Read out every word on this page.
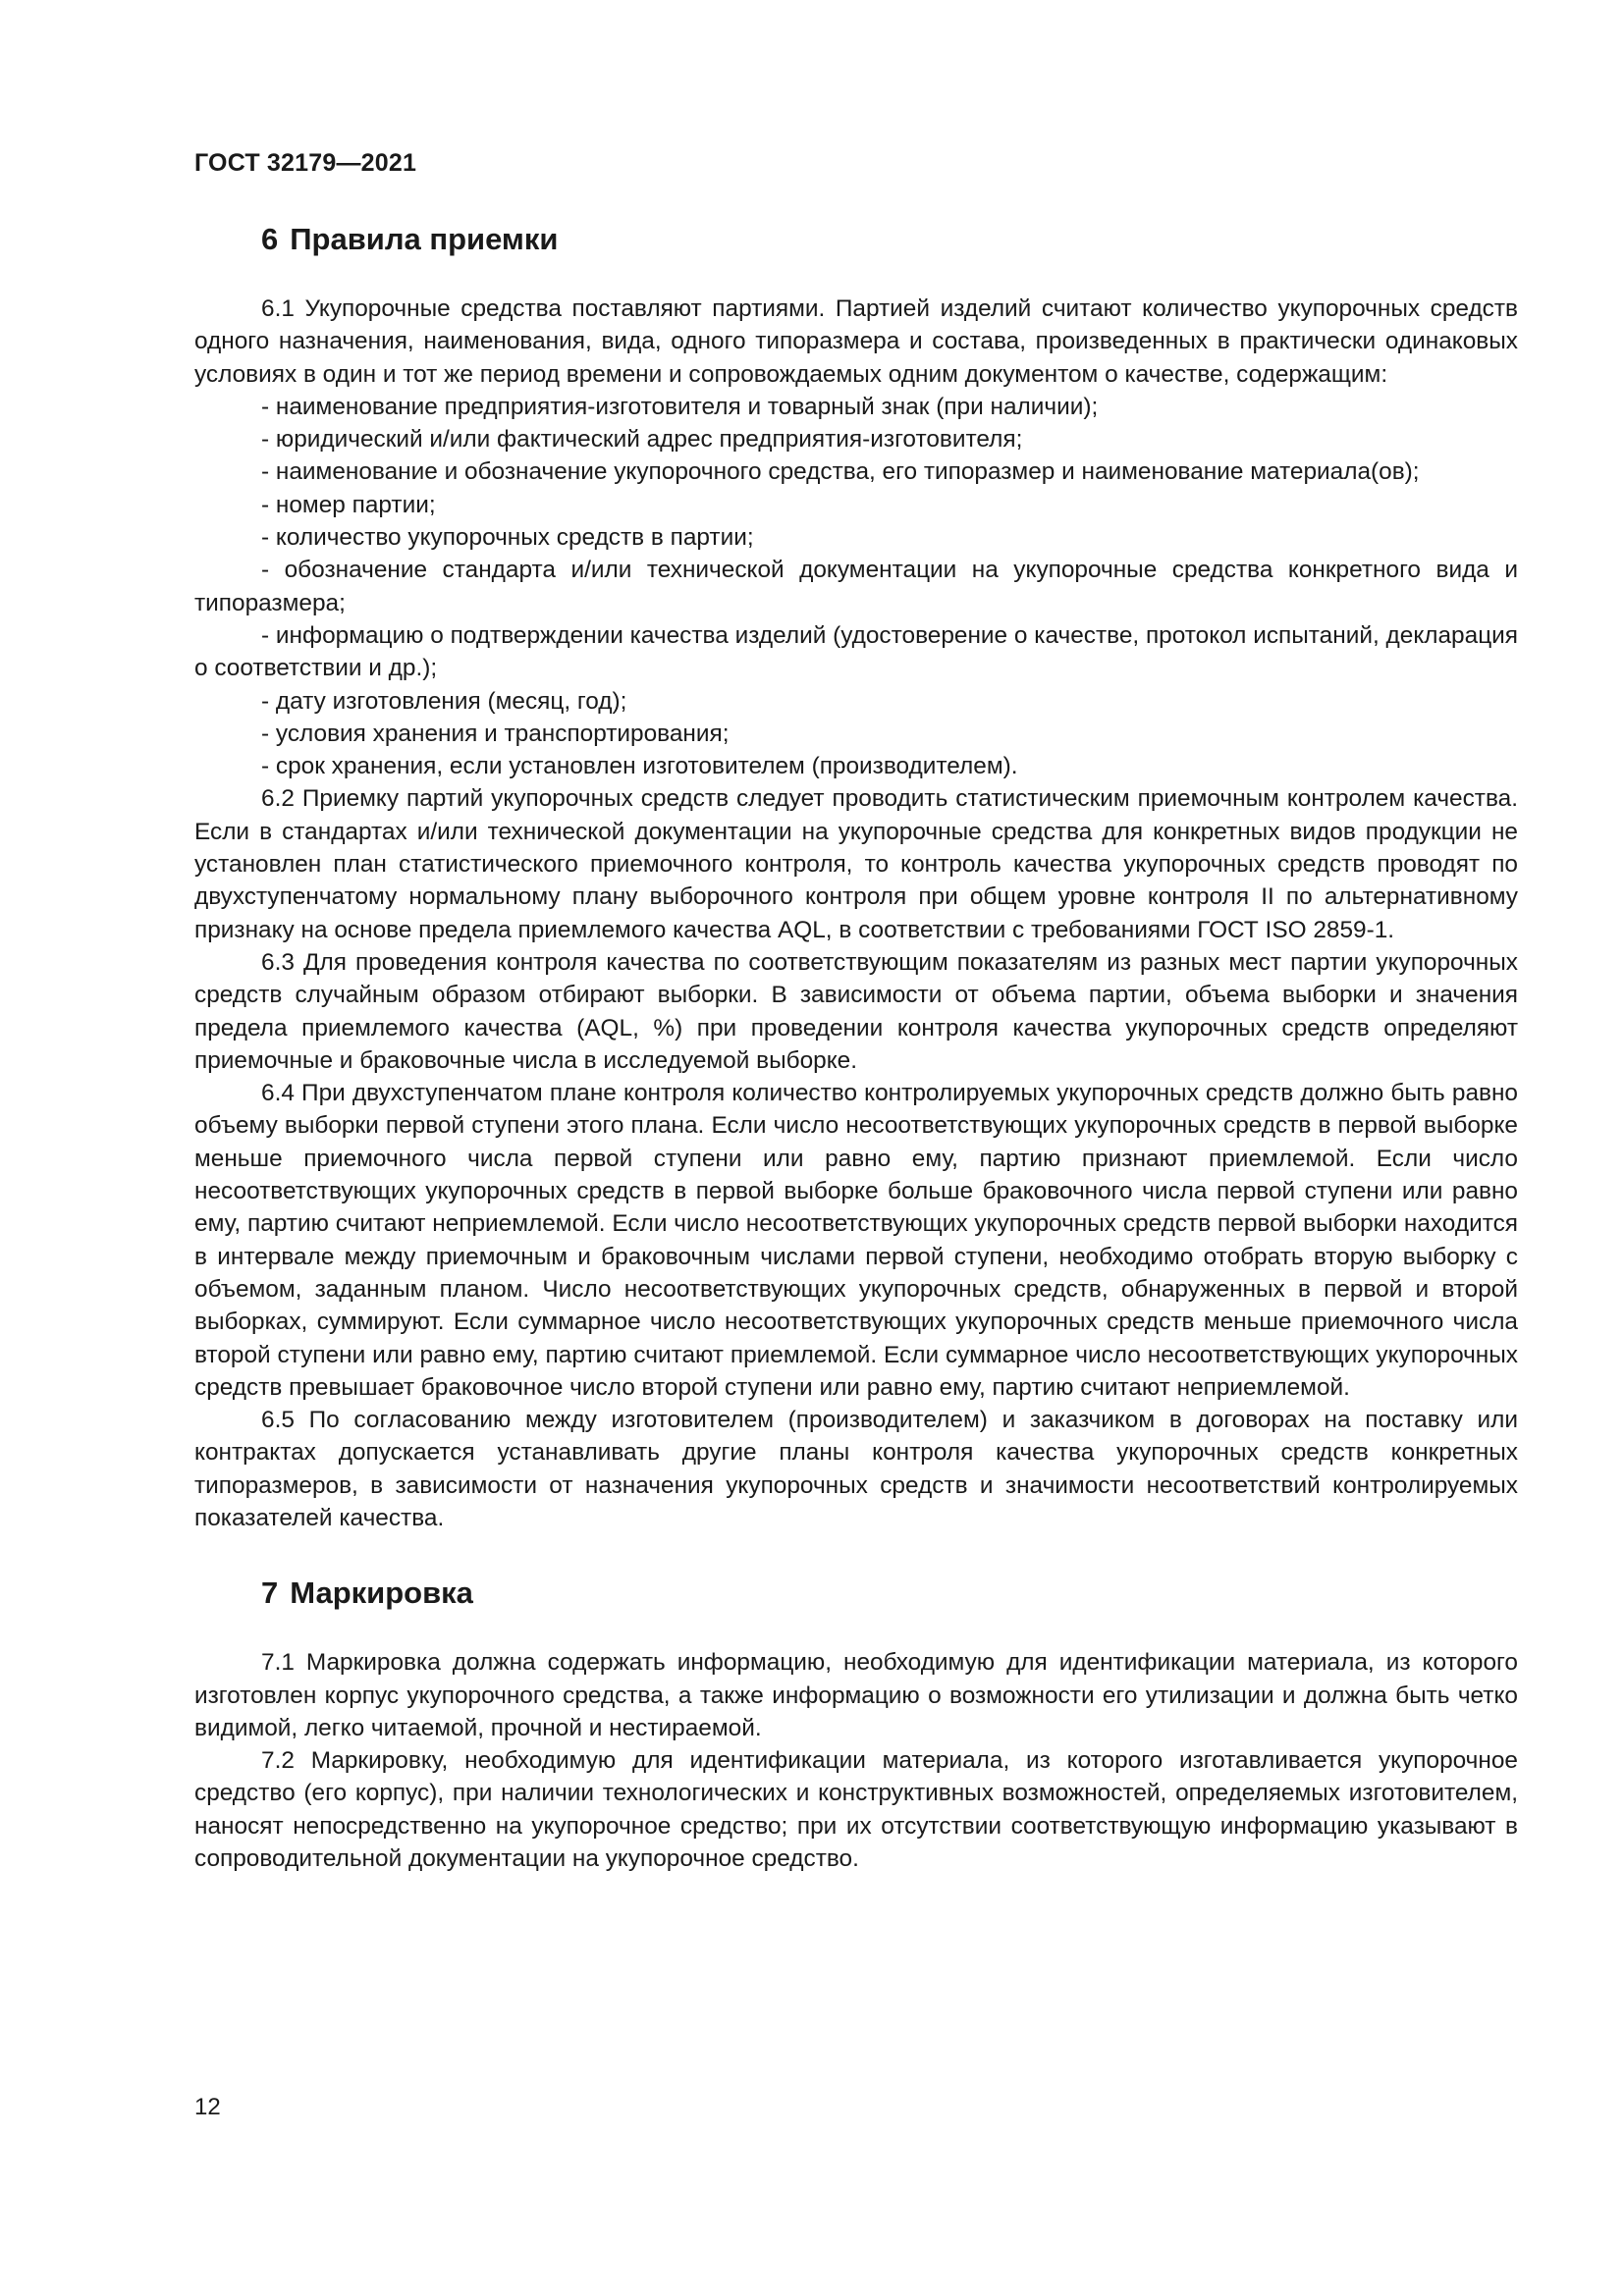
ГОСТ 32179—2021
6 Правила приемки

6.1 Укупорочные средства поставляют партиями. Партией изделий считают количество укупорочных средств одного назначения, наименования, вида, одного типоразмера и состава, произведенных в практически одинаковых условиях в один и тот же период времени и сопровождаемых одним документом о качестве, содержащим:

- наименование предприятия-изготовителя и товарный знак (при наличии);

- юридический и/или фактический адрес предприятия-изготовителя;

- наименование и обозначение укупорочного средства, его типоразмер и наименование материала(ов);

- номер партии;

- количество укупорочных средств в партии;

- обозначение стандарта и/или технической документации на укупорочные средства конкретного вида и типоразмера;

- информацию о подтверждении качества изделий (удостоверение о качестве, протокол испытаний, декларация о соответствии и др.);

- дату изготовления (месяц, год);

- условия хранения и транспортирования;

- срок хранения, если установлен изготовителем (производителем).

6.2 Приемку партий укупорочных средств следует проводить статистическим приемочным контролем качества. Если в стандартах и/или технической документации на укупорочные средства для конкретных видов продукции не установлен план статистического приемочного контроля, то контроль качества укупорочных средств проводят по двухступенчатому нормальному плану выборочного контроля при общем уровне контроля II по альтернативному признаку на основе предела приемлемого качества AQL, в соответствии с требованиями ГОСТ ISO 2859-1.

6.3 Для проведения контроля качества по соответствующим показателям из разных мест партии укупорочных средств случайным образом отбирают выборки. В зависимости от объема партии, объема выборки и значения предела приемлемого качества (AQL, %) при проведении контроля качества укупорочных средств определяют приемочные и браковочные числа в исследуемой выборке.

6.4 При двухступенчатом плане контроля количество контролируемых укупорочных средств должно быть равно объему выборки первой ступени этого плана. Если число несоответствующих укупорочных средств в первой выборке меньше приемочного числа первой ступени или равно ему, партию признают приемлемой. Если число несоответствующих укупорочных средств в первой выборке больше браковочного числа первой ступени или равно ему, партию считают неприемлемой. Если число несоответствующих укупорочных средств первой выборки находится в интервале между приемочным и браковочным числами первой ступени, необходимо отобрать вторую выборку с объемом, заданным планом. Число несоответствующих укупорочных средств, обнаруженных в первой и второй выборках, суммируют. Если суммарное число несоответствующих укупорочных средств меньше приемочного числа второй ступени или равно ему, партию считают приемлемой. Если суммарное число несоответствующих укупорочных средств превышает браковочное число второй ступени или равно ему, партию считают неприемлемой.

6.5 По согласованию между изготовителем (производителем) и заказчиком в договорах на поставку или контрактах допускается устанавливать другие планы контроля качества укупорочных средств конкретных типоразмеров, в зависимости от назначения укупорочных средств и значимости несоответствий контролируемых показателей качества.

7 Маркировка

7.1 Маркировка должна содержать информацию, необходимую для идентификации материала, из которого изготовлен корпус укупорочного средства, а также информацию о возможности его утилизации и должна быть четко видимой, легко читаемой, прочной и нестираемой.

7.2 Маркировку, необходимую для идентификации материала, из которого изготавливается укупорочное средство (его корпус), при наличии технологических и конструктивных возможностей, определяемых изготовителем, наносят непосредственно на укупорочное средство; при их отсутствии соответствующую информацию указывают в сопроводительной документации на укупорочное средство.

12
